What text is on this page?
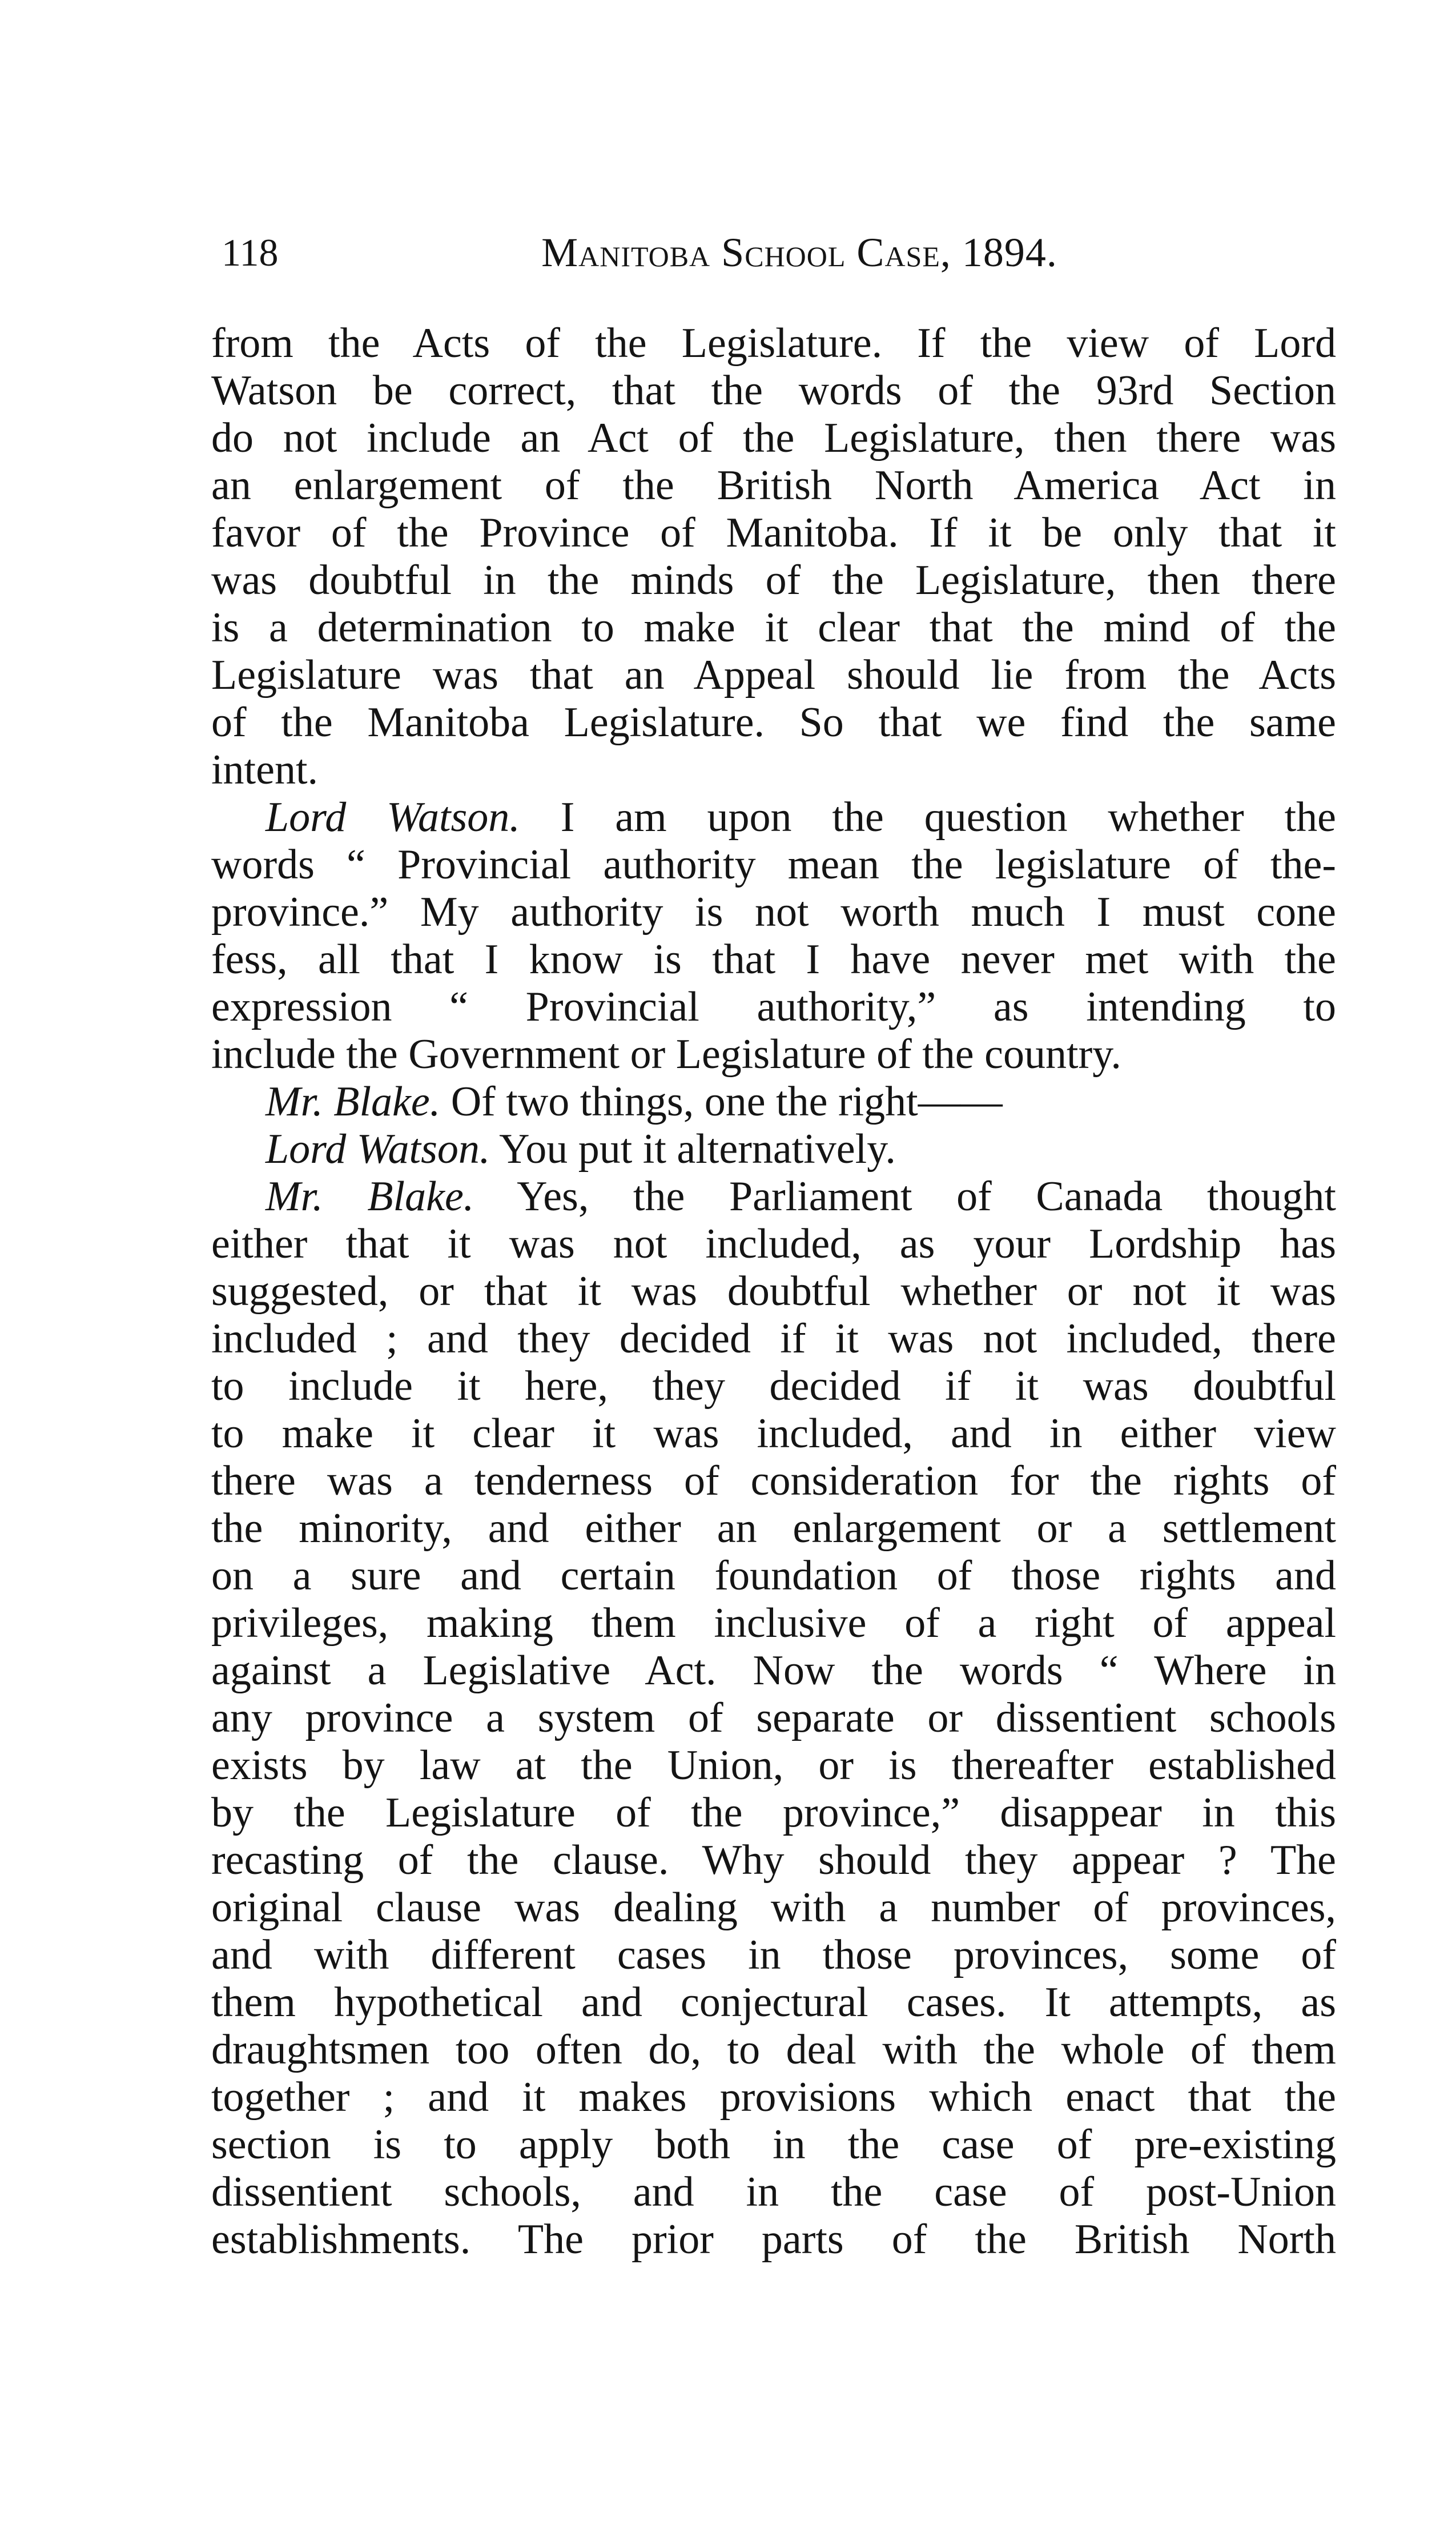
118	Manitoba School Case, 1894.
from the Acts of the Legislature. If the view of Lord
Watson be correct, that the words of the 93rd Section
do not include an Act of the Legislature, then there was
an enlargement of the British North America Act in
favor of the Province of Manitoba. If it be only that it
was doubtful in the minds of the Legislature, then there
is a determination to make it clear that the mind of the
Legislature was that an Appeal should lie from the Acts
of the Manitoba Legislature. So that we find the same
intent.
Lord Watson. I am upon the question whether the
words “ Provincial authority mean the legislature of the-
province.” My authority is not worth much I must cone
fess, all that I know is that I have never met with the
expression “ Provincial authority,” as intending to
include the Government or Legislature of the country.
Mr. Blake. Of two things, one the right——
Lord Watson. You put it alternatively.
Mr. Blake. Yes, the Parliament of Canada thought
either that it was not included, as your Lordship has
suggested, or that it was doubtful whether or not it was
included ; and they decided if it was not included, there
to include it here, they decided if it was doubtful
to make it clear it was included, and in either view
there was a tenderness of consideration for the rights of
the minority, and either an enlargement or a settlement
on a sure and certain foundation of those rights and
privileges, making them inclusive of a right of appeal
against a Legislative Act. Now the words “ Where in
any province a system of separate or dissentient schools
exists by law at the Union, or is thereafter established
by the Legislature of the province,” disappear in this
recasting of the clause. Why should they appear ? The
original clause was dealing with a number of provinces,
and with different cases in those provinces, some of
them hypothetical and conjectural cases. It attempts, as
draughtsmen too often do, to deal with the whole of them
together ; and it makes provisions which enact that the
section is to apply both in the case of pre-existing
dissentient schools, and in the case of post-Union
establishments. The prior parts of the British North
